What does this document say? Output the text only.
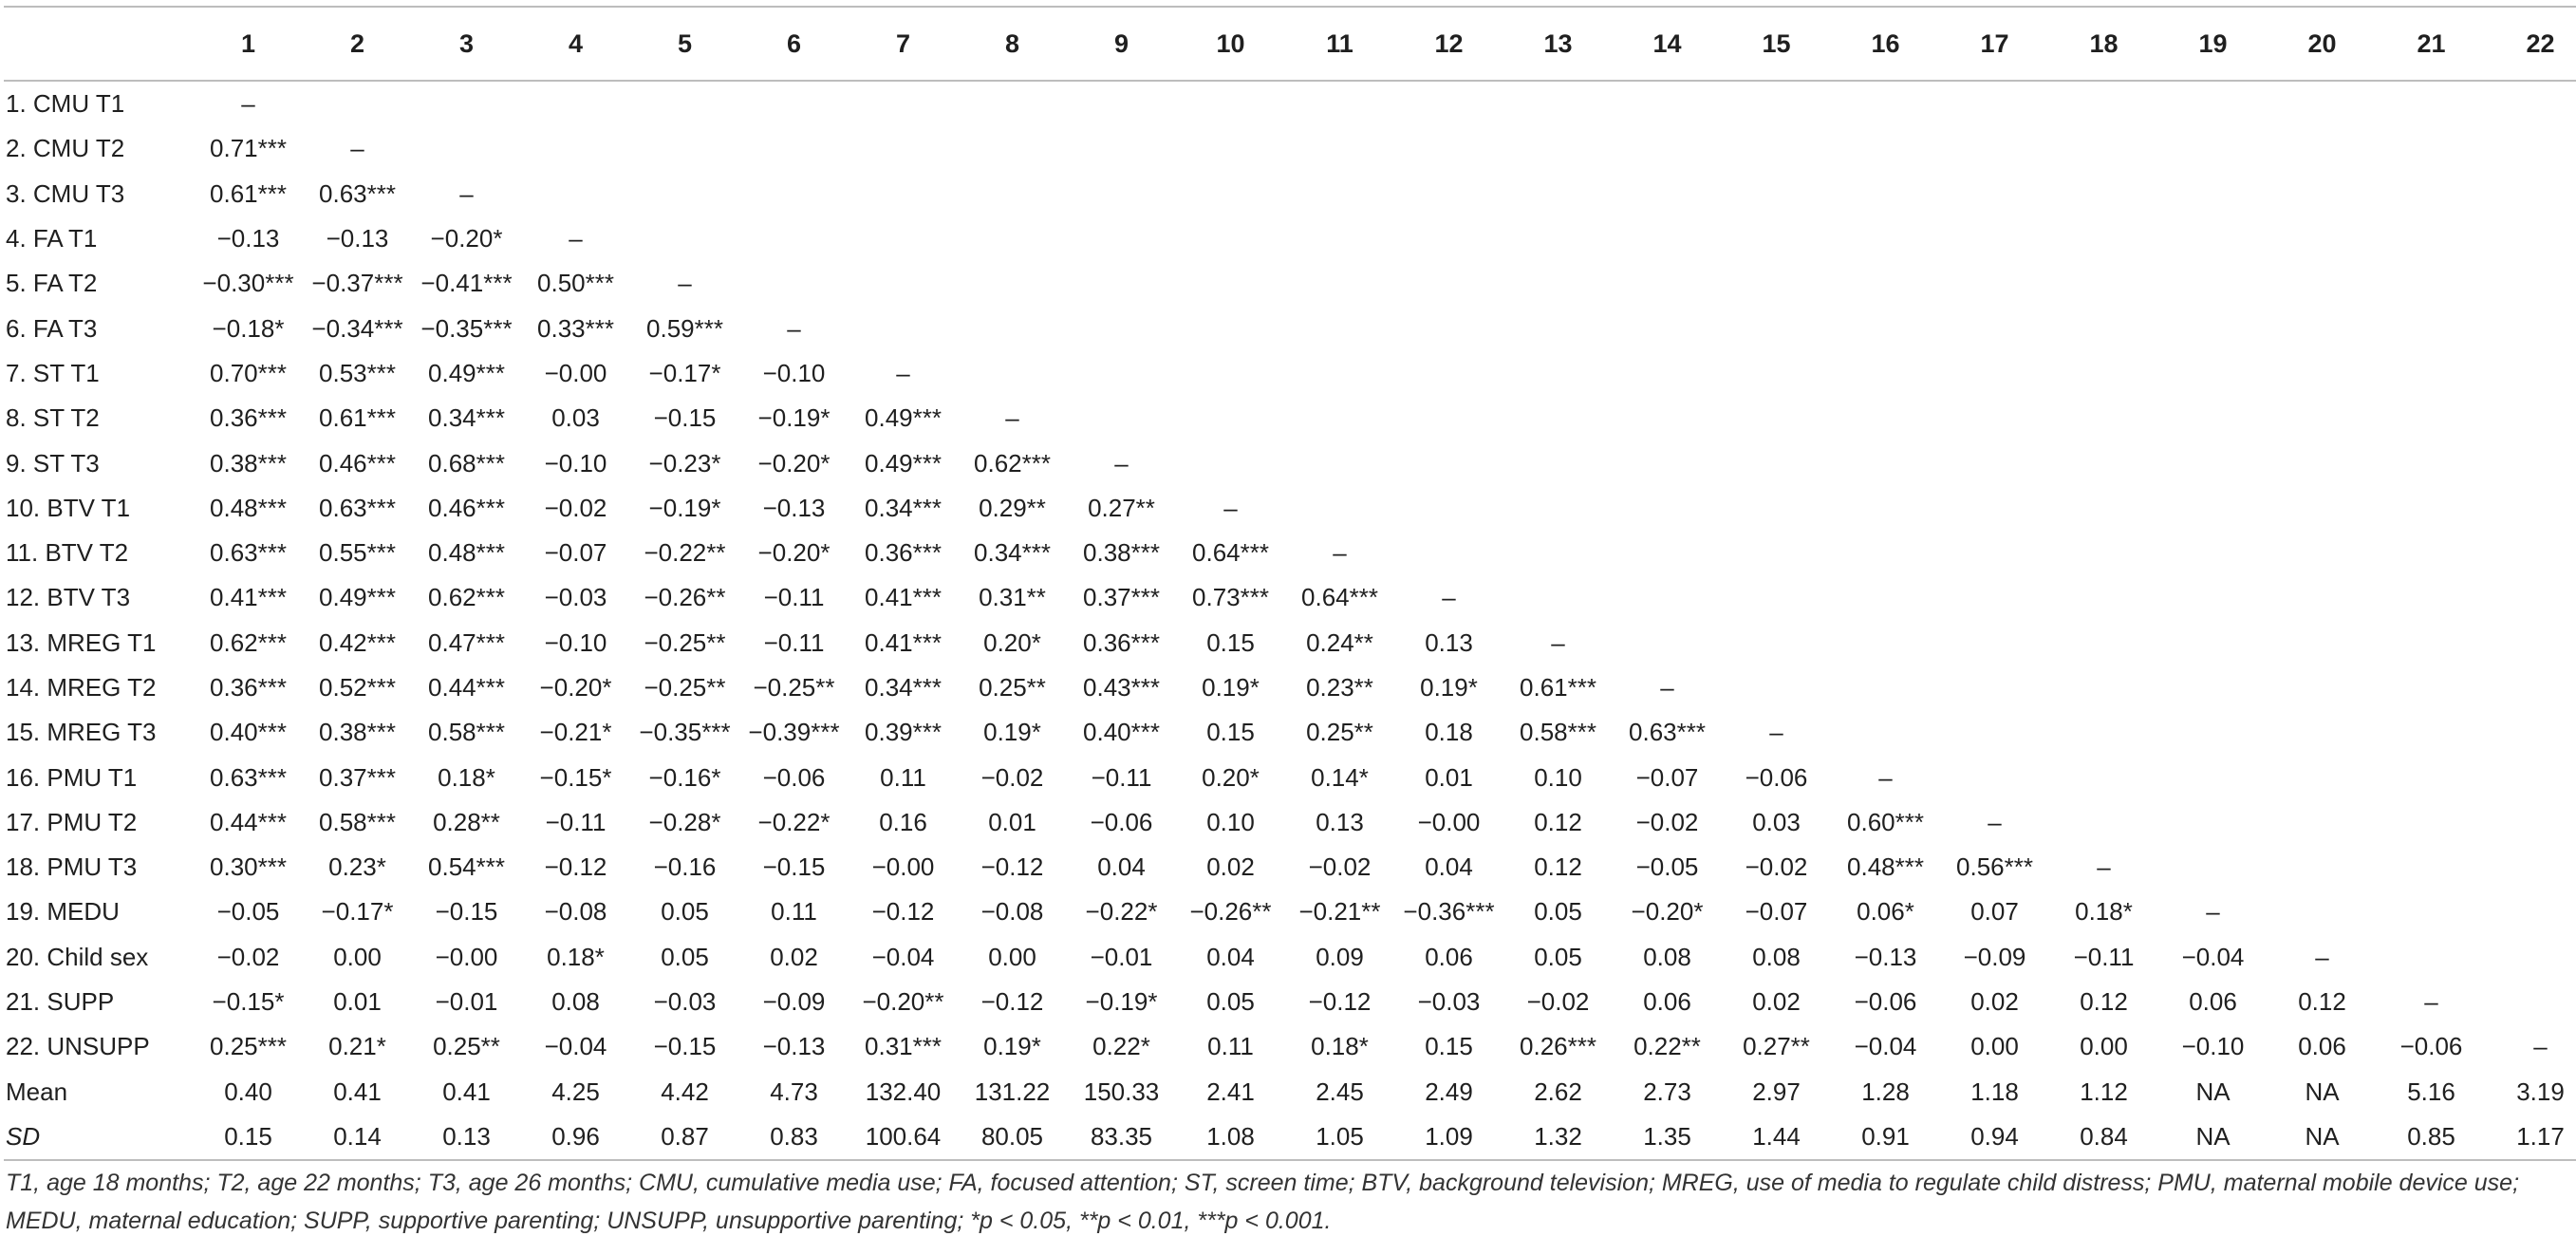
	1	2	3	4	5	6	7	8	9	10	11	12	13	14	15	16	17	18	19	20	21	22
1. CMU T1	–																					
2. CMU T2	0.71***	–																				
3. CMU T3	0.61***	0.63***	–																			
4. FA T1	−0.13	−0.13	−0.20*	–																		
5. FA T2	−0.30***	−0.37***	−0.41***	0.50***	–																	
6. FA T3	−0.18*	−0.34***	−0.35***	0.33***	0.59***	–																
7. ST T1	0.70***	0.53***	0.49***	−0.00	−0.17*	−0.10	–															
8. ST T2	0.36***	0.61***	0.34***	0.03	−0.15	−0.19*	0.49***	–														
9. ST T3	0.38***	0.46***	0.68***	−0.10	−0.23*	−0.20*	0.49***	0.62***	–													
10. BTV T1	0.48***	0.63***	0.46***	−0.02	−0.19*	−0.13	0.34***	0.29**	0.27**	–												
11. BTV T2	0.63***	0.55***	0.48***	−0.07	−0.22**	−0.20*	0.36***	0.34***	0.38***	0.64***	–											
12. BTV T3	0.41***	0.49***	0.62***	−0.03	−0.26**	−0.11	0.41***	0.31**	0.37***	0.73***	0.64***	–										
13. MREG T1	0.62***	0.42***	0.47***	−0.10	−0.25**	−0.11	0.41***	0.20*	0.36***	0.15	0.24**	0.13	–									
14. MREG T2	0.36***	0.52***	0.44***	−0.20*	−0.25**	−0.25**	0.34***	0.25**	0.43***	0.19*	0.23**	0.19*	0.61***	–								
15. MREG T3	0.40***	0.38***	0.58***	−0.21*	−0.35***	−0.39***	0.39***	0.19*	0.40***	0.15	0.25**	0.18	0.58***	0.63***	–							
16. PMU T1	0.63***	0.37***	0.18*	−0.15*	−0.16*	−0.06	0.11	−0.02	−0.11	0.20*	0.14*	0.01	0.10	−0.07	−0.06	–						
17. PMU T2	0.44***	0.58***	0.28**	−0.11	−0.28*	−0.22*	0.16	0.01	−0.06	0.10	0.13	−0.00	0.12	−0.02	0.03	0.60***	–					
18. PMU T3	0.30***	0.23*	0.54***	−0.12	−0.16	−0.15	−0.00	−0.12	0.04	0.02	−0.02	0.04	0.12	−0.05	−0.02	0.48***	0.56***	–				
19. MEDU	−0.05	−0.17*	−0.15	−0.08	0.05	0.11	−0.12	−0.08	−0.22*	−0.26**	−0.21**	−0.36***	0.05	−0.20*	−0.07	0.06*	0.07	0.18*	–			
20. Child sex	−0.02	0.00	−0.00	0.18*	0.05	0.02	−0.04	0.00	−0.01	0.04	0.09	0.06	0.05	0.08	0.08	−0.13	−0.09	−0.11	−0.04	–		
21. SUPP	−0.15*	0.01	−0.01	0.08	−0.03	−0.09	−0.20**	−0.12	−0.19*	0.05	−0.12	−0.03	−0.02	0.06	0.02	−0.06	0.02	0.12	0.06	0.12	–	
22. UNSUPP	0.25***	0.21*	0.25**	−0.04	−0.15	−0.13	0.31***	0.19*	0.22*	0.11	0.18*	0.15	0.26***	0.22**	0.27**	−0.04	0.00	0.00	−0.10	0.06	−0.06	–
Mean	0.40	0.41	0.41	4.25	4.42	4.73	132.40	131.22	150.33	2.41	2.45	2.49	2.62	2.73	2.97	1.28	1.18	1.12	NA	NA	5.16	3.19
SD	0.15	0.14	0.13	0.96	0.87	0.83	100.64	80.05	83.35	1.08	1.05	1.09	1.32	1.35	1.44	0.91	0.94	0.84	NA	NA	0.85	1.17
T1, age 18 months; T2, age 22 months; T3, age 26 months; CMU, cumulative media use; FA, focused attention; ST, screen time; BTV, background television; MREG, use of media to regulate child distress; PMU, maternal mobile device use; MEDU, maternal education; SUPP, supportive parenting; UNSUPP, unsupportive parenting; *p < 0.05, **p < 0.01, ***p < 0.001.
